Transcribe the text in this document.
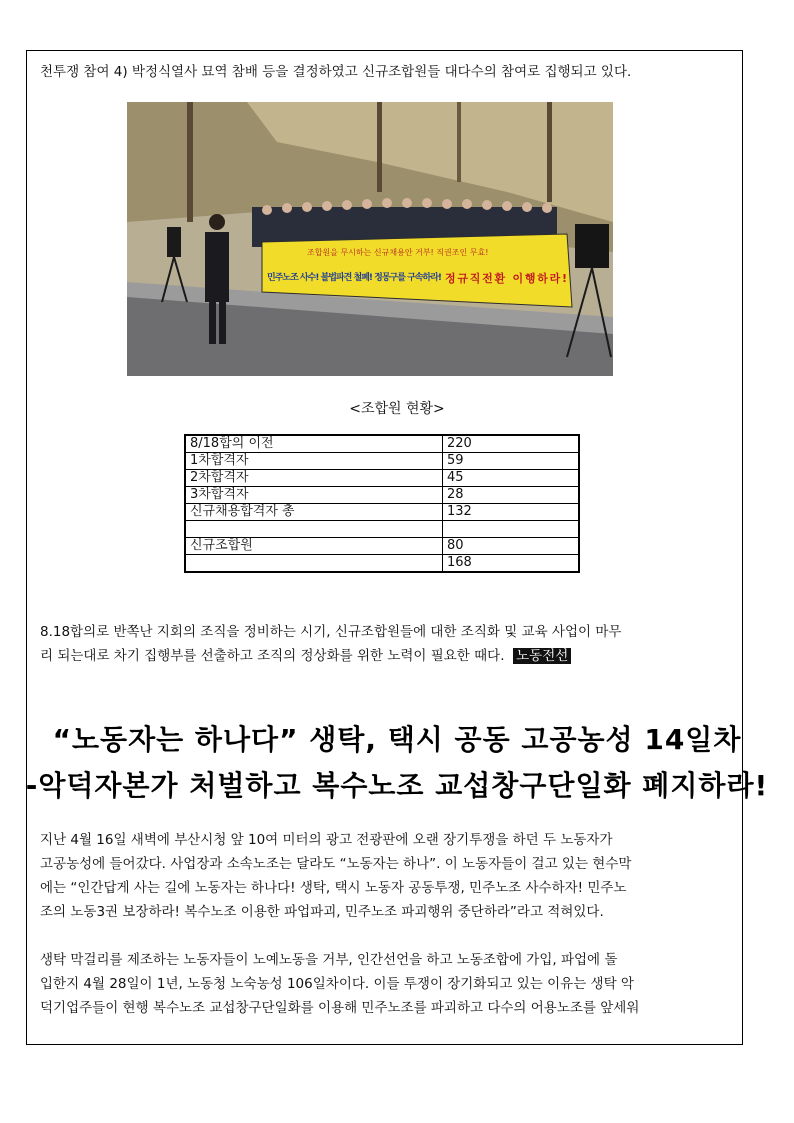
천투쟁 참여 4) 박정식열사 묘역 참배 등을 결정하였고 신규조합원들 대다수의 참여로 집행되고 있다.
조합원을 무시하는 신규채용안 거부! 직권조인 무효!
민주노조 사수! 불법파견 철폐! 정몽구를 구속하라! 정규직전환 이행하라!
<조합원 현황>
8/18합의 이전	220
1차합격자	59
2차합격자	45
3차합격자	28
신규채용합격자 총	132

신규조합원	80
	168
8.18합의로 반쪽난 지회의 조직을 정비하는 시기, 신규조합원들에 대한 조직화 및 교육 사업이 마무
리 되는대로 차기 집행부를 선출하고 조직의 정상화를 위한 노력이 필요한 때다. 노동전선
“노동자는 하나다” 생탁, 택시 공동 고공농성 14일차
-악덕자본가 처벌하고 복수노조 교섭창구단일화 폐지하라!
지난 4월 16일 새벽에 부산시청 앞 10여 미터의 광고 전광판에 오랜 장기투쟁을 하던 두 노동자가
고공농성에 들어갔다. 사업장과 소속노조는 달라도 “노동자는 하나”. 이 노동자들이 걸고 있는 현수막
에는 “인간답게 사는 길에 노동자는 하나다! 생탁, 택시 노동자 공동투쟁, 민주노조 사수하자! 민주노
조의 노동3권 보장하라! 복수노조 이용한 파업파괴, 민주노조 파괴행위 중단하라”라고 적혀있다.
생탁 막걸리를 제조하는 노동자들이 노예노동을 거부, 인간선언을 하고 노동조합에 가입, 파업에 돌
입한지 4월 28일이 1년, 노동청 노숙농성 106일차이다. 이들 투쟁이 장기화되고 있는 이유는 생탁 악
덕기업주들이 현행 복수노조 교섭창구단일화를 이용해 민주노조를 파괴하고 다수의 어용노조를 앞세워
